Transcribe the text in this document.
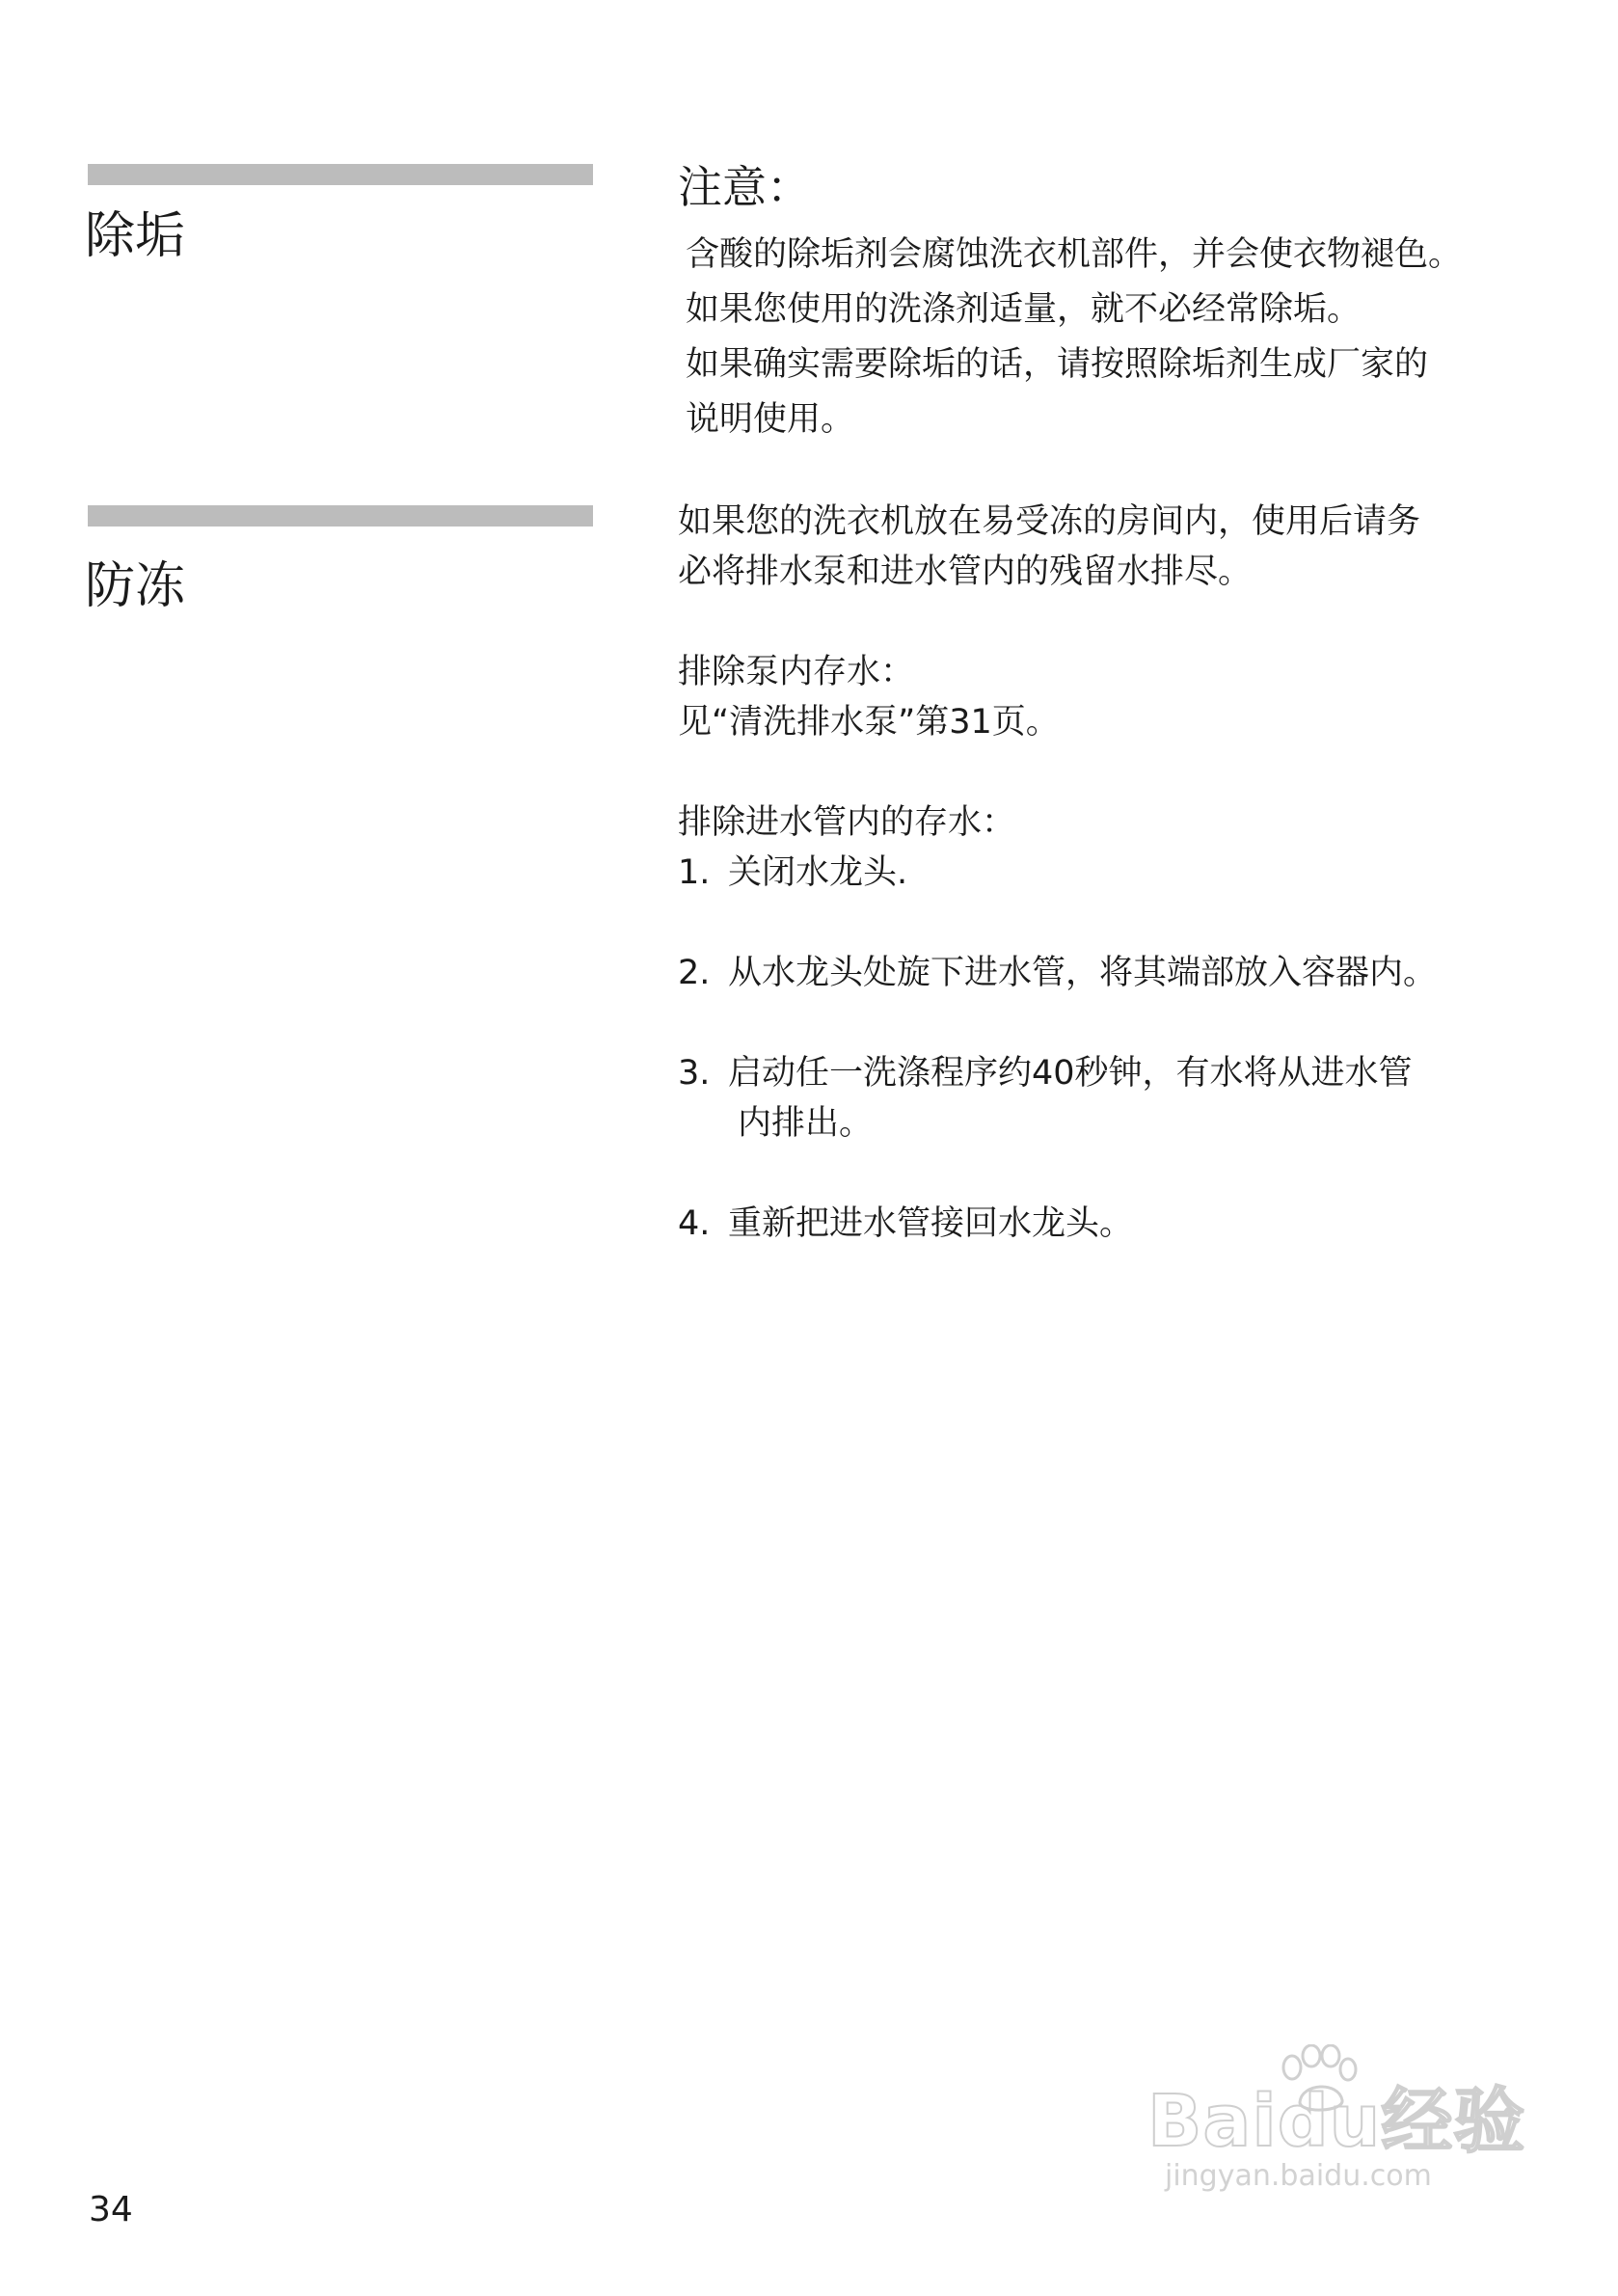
除垢
注意：
含酸的除垢剂会腐蚀洗衣机部件，并会使衣物褪色。
如果您使用的洗涤剂适量，就不必经常除垢。
如果确实需要除垢的话，请按照除垢剂生成厂家的
说明使用。
防冻
如果您的洗衣机放在易受冻的房间内，使用后请务
必将排水泵和进水管内的残留水排尽。
排除泵内存水：
见“清洗排水泵”第31页。
排除进水管内的存水：
1. 关闭水龙头.
2. 从水龙头处旋下进水管，将其端部放入容器内。
3. 启动任一洗涤程序约40秒钟，有水将从进水管
内排出。
4. 重新把进水管接回水龙头。
34
Baidu经验
jingyan.baidu.com
